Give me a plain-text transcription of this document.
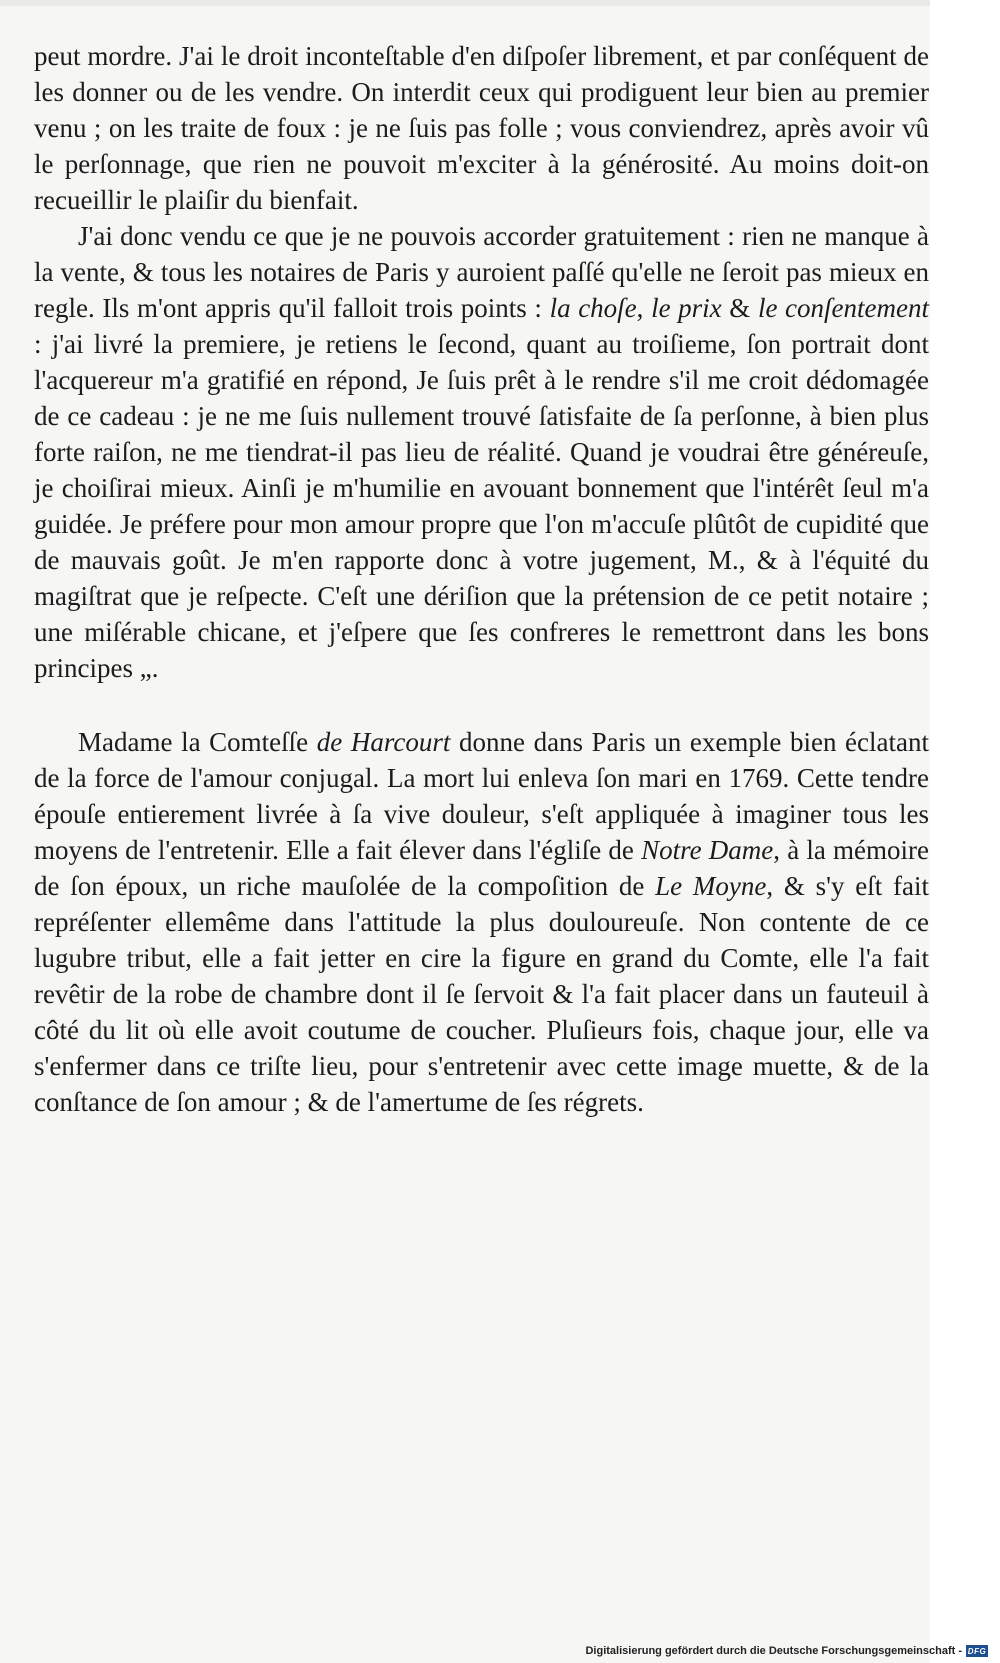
peut mordre. J'ai le droit inconteſtable d'en diſpoſer librement, et par conſéquent de les donner ou de les vendre. On interdit ceux qui prodiguent leur bien au premier venu ; on les traite de foux : je ne ſuis pas folle ; vous conviendrez, après avoir vû le perſonnage, que rien ne pouvoit m'exciter à la générosité. Au moins doit-on recueillir le plaiſir du bienfait.

J'ai donc vendu ce que je ne pouvois accorder gratuitement : rien ne manque à la vente, & tous les notaires de Paris y auroient paſſé qu'elle ne ſeroit pas mieux en regle. Ils m'ont appris qu'il falloit trois points : la choſe, le prix & le conſentement : j'ai livré la premiere, je retiens le ſecond, quant au troiſieme, ſon portrait dont l'acquereur m'a gratifié en répond, Je ſuis prêt à le rendre s'il me croit dédomagée de ce cadeau : je ne me ſuis nullement trouvé ſatisfaite de ſa perſonne, à bien plus forte raiſon, ne me tiendrat-il pas lieu de réalité. Quand je voudrai être généreuſe, je choiſirai mieux. Ainſi je m'humilie en avouant bonnement que l'intérêt ſeul m'a guidée. Je préfere pour mon amour propre que l'on m'accuſe plûtôt de cupidité que de mauvais goût. Je m'en rapporte donc à votre jugement, M., & à l'équité du magiſtrat que je reſpecte. C'eſt une dériſion que la prétension de ce petit notaire ; une miſérable chicane, et j'eſpere que ſes confreres le remettront dans les bons principes „.

Madame la Comteſſe de Harcourt donne dans Paris un exemple bien éclatant de la force de l'amour conjugal. La mort lui enleva ſon mari en 1769. Cette tendre épouſe entierement livrée à ſa vive douleur, s'eſt appliquée à imaginer tous les moyens de l'entretenir. Elle a fait élever dans l'égliſe de Notre Dame, à la mémoire de ſon époux, un riche mauſolée de la compoſition de Le Moyne, & s'y eſt fait repréſenter ellemême dans l'attitude la plus douloureuſe. Non contente de ce lugubre tribut, elle a fait jetter en cire la figure en grand du Comte, elle l'a fait revêtir de la robe de chambre dont il ſe ſervoit & l'a fait placer dans un fauteuil à côté du lit où elle avoit coutume de coucher. Pluſieurs fois, chaque jour, elle va s'enfermer dans ce triſte lieu, pour s'entretenir avec cette image muette, & de la conſtance de ſon amour ; & de l'amertume de ſes régrets.

Digitalisierung gefördert durch die Deutsche Forschungsgemeinschaft - DFG
